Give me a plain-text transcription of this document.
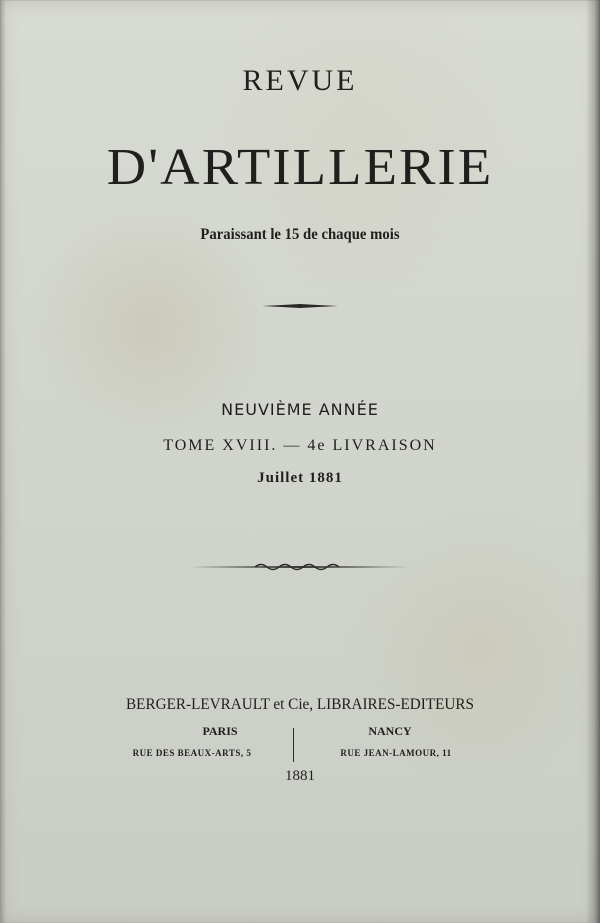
REVUE
D'ARTILLERIE
Paraissant le 15 de chaque mois
NEUVIÈME ANNÉE
TOME XVIII. — 4e LIVRAISON
Juillet 1881
BERGER-LEVRAULT et Cie, LIBRAIRES-EDITEURS
PARIS	NANCY
RUE DES BEAUX-ARTS, 5	RUE JEAN-LAMOUR, 11
1881
